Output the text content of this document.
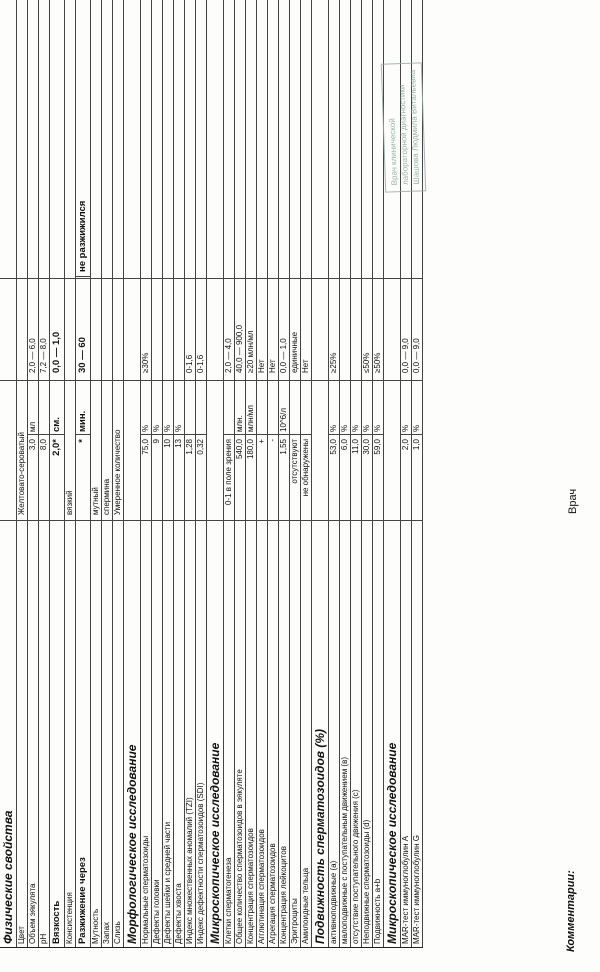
Физические свойства Цвет
Желтовато-сероватый
Объем эякулята
3,0
мл
2,0 — 6,0
pH
8,0
7,2 — 8,0
Вязкость
2,0*
см.
0,0 — 1,0
Консистенция
вязкий
Разжижение через
*
мин.
30 — 60
не разжижился
Мутность
мутный
Запах
спермина
Слизь
Умеренное количество
Морфологическое исследование Нормальные сперматозоиды
75,0
%
≥30%
Дефекты головки
9
%
Дефекты шейки и средней части
10
%
Дефекты хвоста
13
%
Индекс множественных аномалий (TZI)
1,28
0-1,6
Индекс дефектности сперматозоидов (SDI)
0,32
0-1,6
Микроскопическое исследование Клетки сперматогенеза
0-1 в поле зрения
2,0 — 4,0
Общее количество сперматозоидов в эякуляте
540,0
млн.
40,0 — 900,0
Концентрация сперматозоидов
180,0
млн/мл
≥20 млн/мл
Агглютинация сперматозоидов
+
Нет
Агрегация сперматозоидов
-
Нет
Концентрация лейкоцитов
1,55
10^6/л
0,0 — 1,0
Эритроциты
отсутствуют
единичные
Амилоидные тельца
не обнаружены
Нет
Подвижность сперматозоидов (%) активноподвижные (a)
53,0
%
≥25%
малоподвижные с поступательным движением (в)
6,0
%
отсутствие поступательного движения (с)
11,0
%
Неподвижные сперматозоиды (d)
30,0
%
≤50%
Подвижность a+b
59,0
%
≥50%
Микроскопическое исследование MAR-тест иммуноглобулин A
2,0
%
0,0 — 9,0
MAR-тест иммуноглобулин G
1,0
%
0,0 — 9,0
Комментарии:
Врач
Врач клинической
лабораторной диагностики
Шашова Людмила Витальевна
